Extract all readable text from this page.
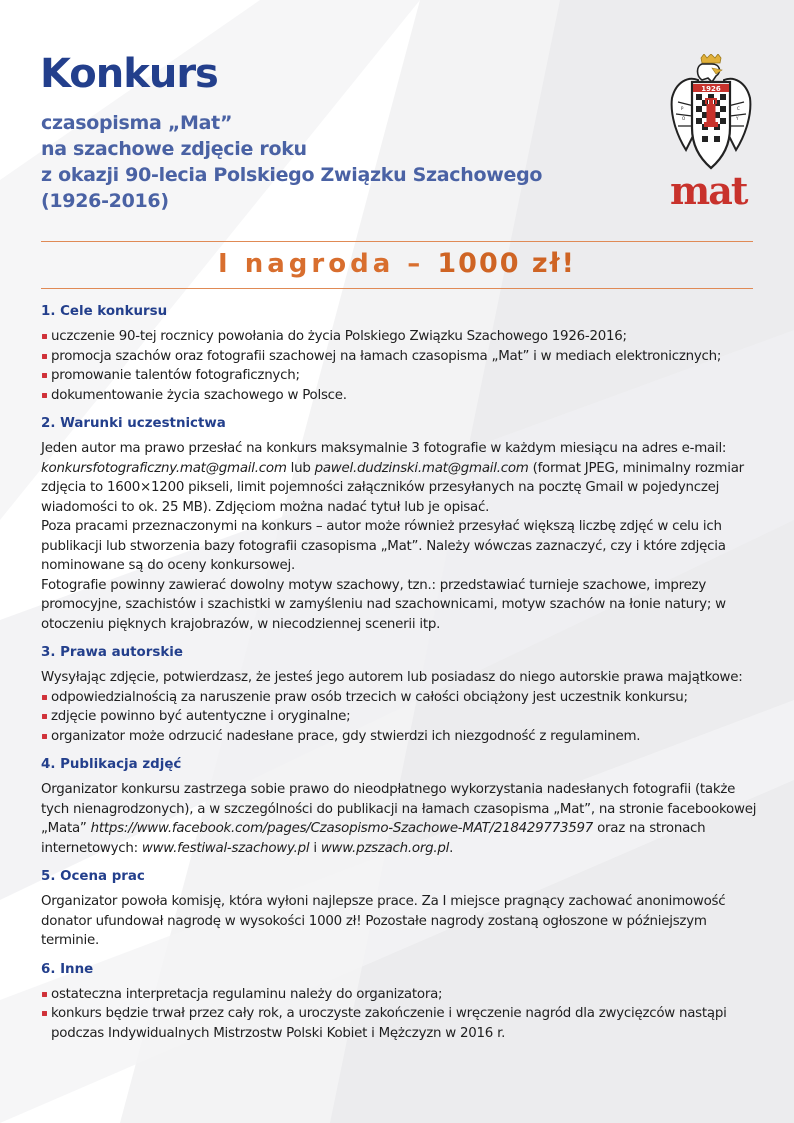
Konkurs
czasopisma „Mat”
na szachowe zdjęcie roku
z okazji 90-lecia Polskiego Związku Szachowego
(1926-2016)
1926
P
O
C
Y
mat
I nagroda – 1000 zł!
1. Cele konkursu
uczczenie 90-tej rocznicy powołania do życia Polskiego Związku Szachowego 1926-2016;
promocja szachów oraz fotografii szachowej na łamach czasopisma „Mat” i w mediach elektronicznych;
promowanie talentów fotograficznych;
dokumentowanie życia szachowego w Polsce.
2. Warunki uczestnictwa

Jeden autor ma prawo przesłać na konkurs maksymalnie 3 fotografie w każdym miesiącu na adres e-mail: konkursfotograficzny.mat@gmail.com lub pawel.dudzinski.mat@gmail.com (format JPEG, minimalny rozmiar zdjęcia to 1600×1200 pikseli, limit pojemności załączników przesyłanych na pocztę Gmail w pojedynczej wiadomości to ok. 25 MB). Zdjęciom można nadać tytuł lub je opisać.

Poza pracami przeznaczonymi na konkurs – autor może również przesyłać większą liczbę zdjęć w celu ich publikacji lub stworzenia bazy fotografii czasopisma „Mat”. Należy wówczas zaznaczyć, czy i które zdjęcia nominowane są do oceny konkursowej.

Fotografie powinny zawierać dowolny motyw szachowy, tzn.: przedstawiać turnieje szachowe, imprezy promocyjne, szachistów i szachistki w zamyśleniu nad szachownicami, motyw szachów na łonie natury; w otoczeniu pięknych krajobrazów, w niecodziennej scenerii itp.

3. Prawa autorskie

Wysyłając zdjęcie, potwierdzasz, że jesteś jego autorem lub posiadasz do niego autorskie prawa majątkowe:

odpowiedzialnością za naruszenie praw osób trzecich w całości obciążony jest uczestnik konkursu;
zdjęcie powinno być autentyczne i oryginalne;
organizator może odrzucić nadesłane prace, gdy stwierdzi ich niezgodność z regulaminem.
4. Publikacja zdjęć

Organizator konkursu zastrzega sobie prawo do nieodpłatnego wykorzystania nadesłanych fotografii (także tych nienagrodzonych), a w szczególności do publikacji na łamach czasopisma „Mat”, na stronie facebookowej „Mata” https://www.facebook.com/pages/Czasopismo-Szachowe-MAT/218429773597 oraz na stronach internetowych: www.festiwal-szachowy.pl i www.pzszach.org.pl.

5. Ocena prac

Organizator powoła komisję, która wyłoni najlepsze prace. Za I miejsce pragnący zachować anonimowość donator ufundował nagrodę w wysokości 1000 zł! Pozostałe nagrody zostaną ogłoszone w późniejszym terminie.

6. Inne
ostateczna interpretacja regulaminu należy do organizatora;
konkurs będzie trwał przez cały rok, a uroczyste zakończenie i wręczenie nagród dla zwycięzców nastąpi podczas Indywidualnych Mistrzostw Polski Kobiet i Mężczyzn w 2016 r.
